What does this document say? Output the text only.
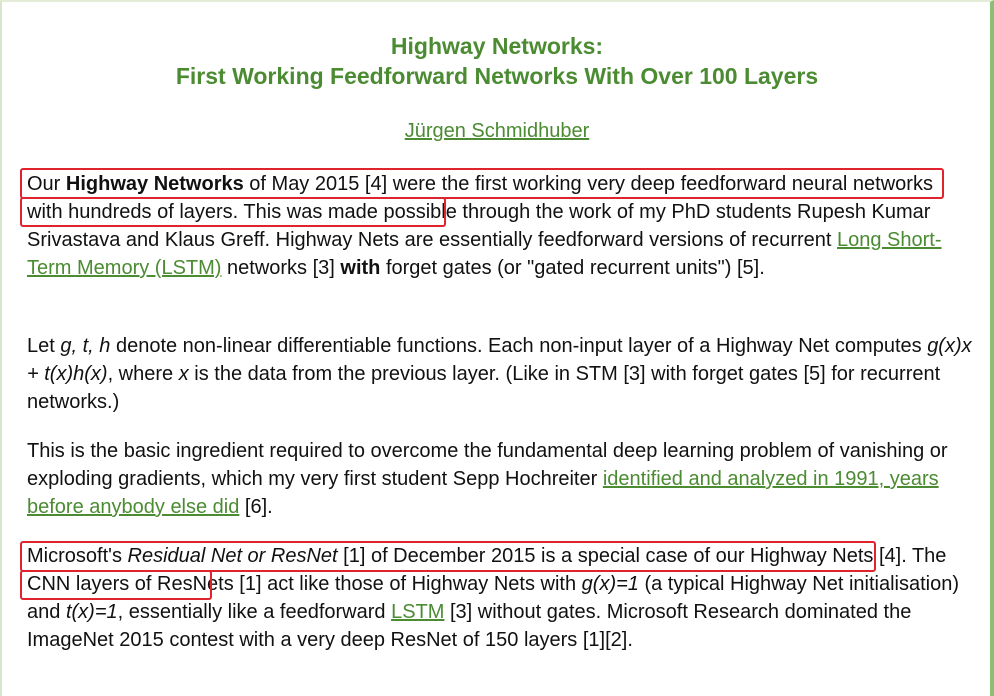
Highway Networks:
First Working Feedforward Networks With Over 100 Layers
Jürgen Schmidhuber
Our Highway Networks of May 2015 [4] were the first working very deep feedforward neural networks with hundreds of layers. This was made possible through the work of my PhD students Rupesh Kumar Srivastava and Klaus Greff. Highway Nets are essentially feedforward versions of recurrent Long Short-Term Memory (LSTM) networks [3] with forget gates (or "gated recurrent units") [5].
Let g, t, h denote non-linear differentiable functions. Each non-input layer of a Highway Net computes g(x)x + t(x)h(x), where x is the data from the previous layer. (Like in STM [3] with forget gates [5] for recurrent networks.)
This is the basic ingredient required to overcome the fundamental deep learning problem of vanishing or exploding gradients, which my very first student Sepp Hochreiter identified and analyzed in 1991, years before anybody else did [6].
Microsoft's Residual Net or ResNet [1] of December 2015 is a special case of our Highway Nets [4]. The CNN layers of ResNets [1] act like those of Highway Nets with g(x)=1 (a typical Highway Net initialisation) and t(x)=1, essentially like a feedforward LSTM [3] without gates. Microsoft Research dominated the ImageNet 2015 contest with a very deep ResNet of 150 layers [1][2].
